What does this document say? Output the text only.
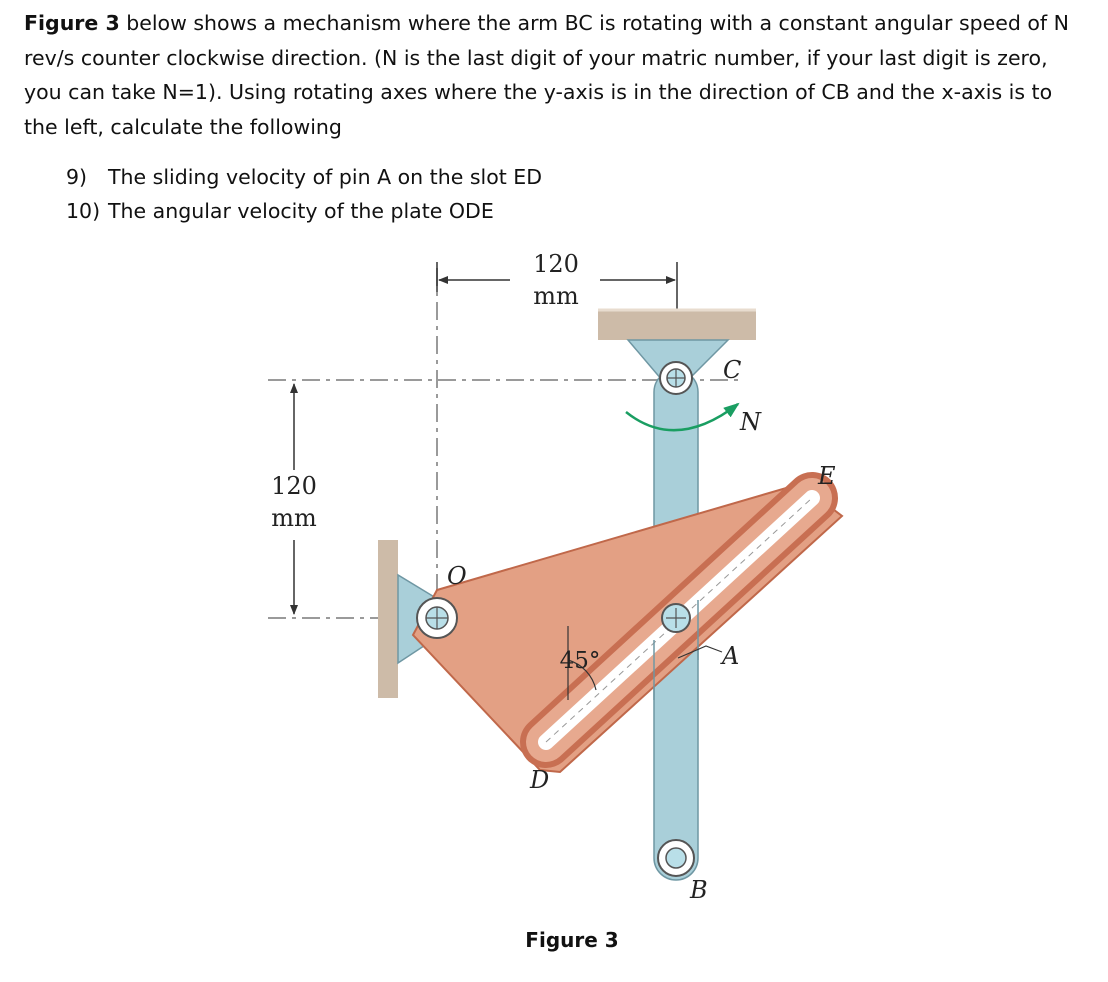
Figure 3 below shows a mechanism where the arm BC is rotating with a constant angular speed of N rev/s counter clockwise direction. (N is the last digit of your matric number, if your last digit is zero, you can take N=1). Using rotating axes where the y-axis is in the direction of CB and the x-axis is to the left, calculate the following
9) The sliding velocity of pin A on the slot ED
10) The angular velocity of the plate ODE
120
mm
120
mm
45°
C
N
E
O
A
D
B
Figure 3
